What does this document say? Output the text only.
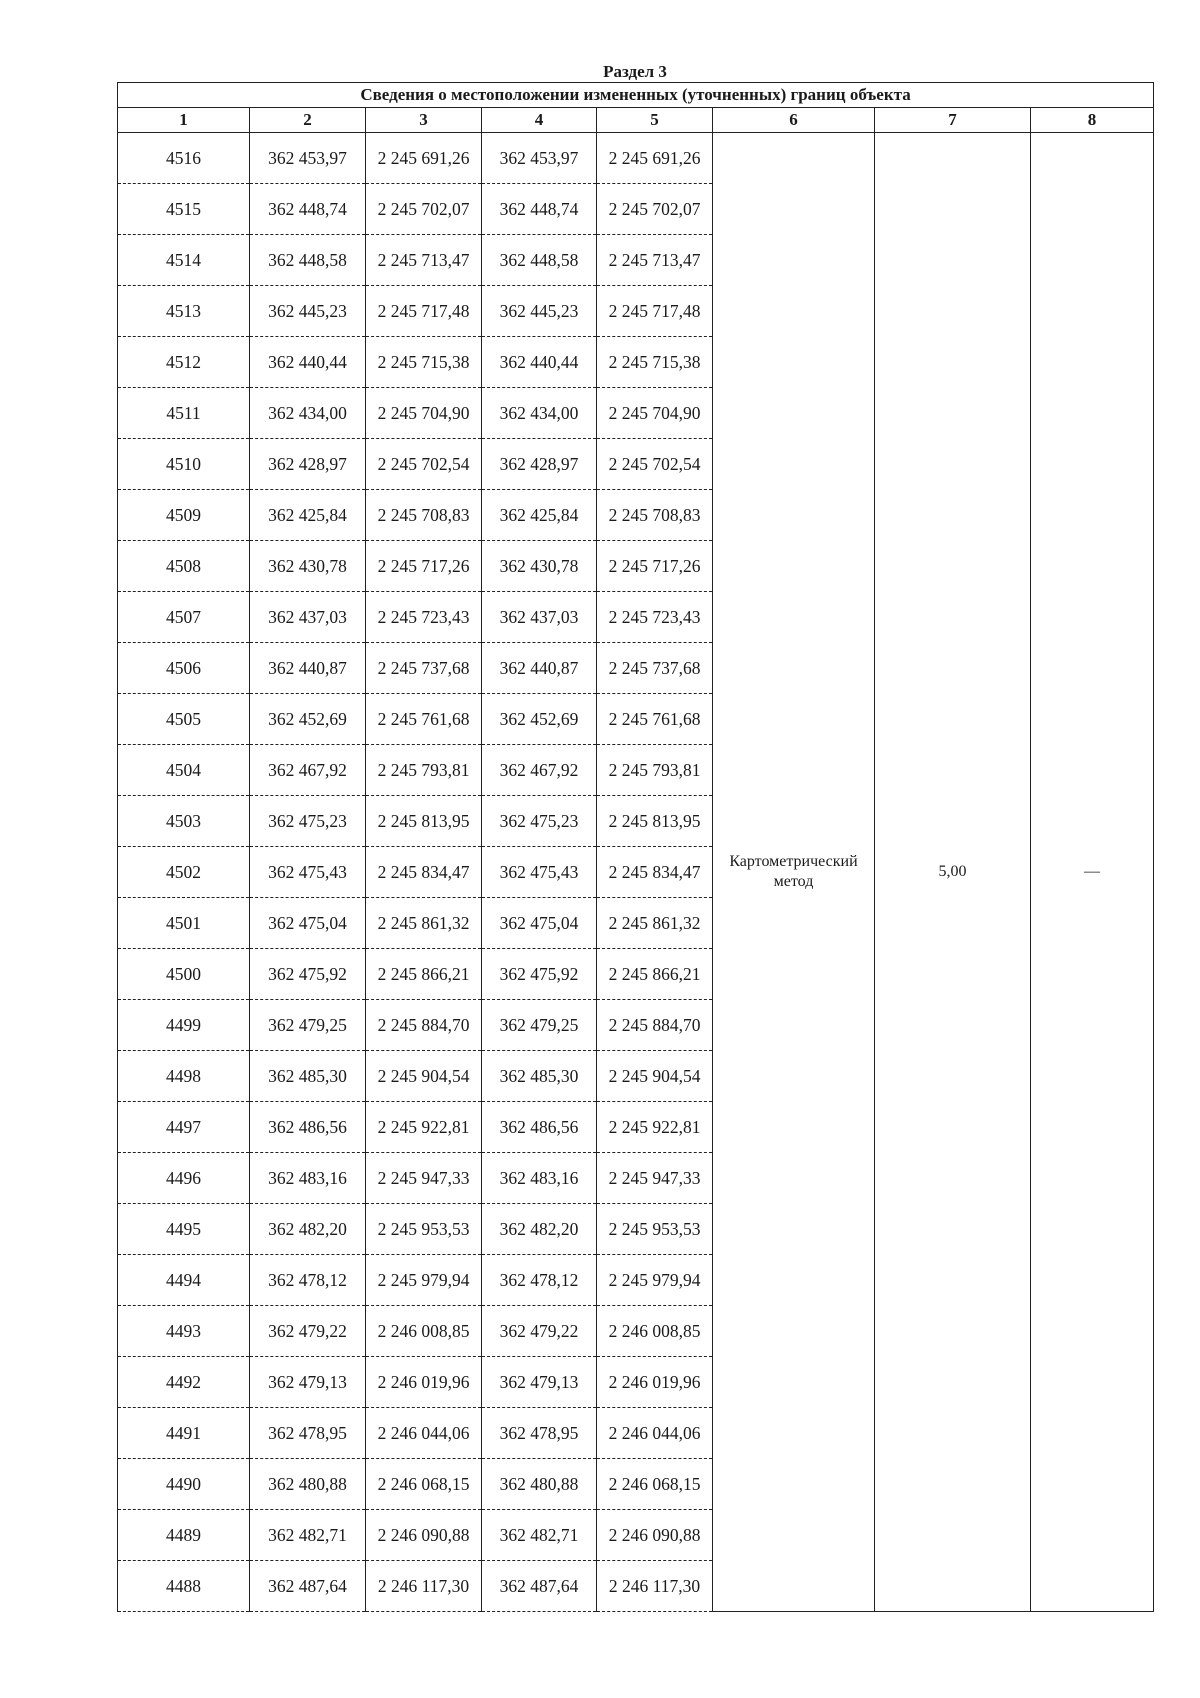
Раздел 3
Сведения о местоположении измененных (уточненных) границ объекта							
1	2	3	4	5	6	7	8
4516	362 453,97	2 245 691,26	362 453,97	2 245 691,26	Картометрический метод	5,00	—
4515	362 448,74	2 245 702,07	362 448,74	2 245 702,07			
4514	362 448,58	2 245 713,47	362 448,58	2 245 713,47			
4513	362 445,23	2 245 717,48	362 445,23	2 245 717,48			
4512	362 440,44	2 245 715,38	362 440,44	2 245 715,38			
4511	362 434,00	2 245 704,90	362 434,00	2 245 704,90			
4510	362 428,97	2 245 702,54	362 428,97	2 245 702,54			
4509	362 425,84	2 245 708,83	362 425,84	2 245 708,83			
4508	362 430,78	2 245 717,26	362 430,78	2 245 717,26			
4507	362 437,03	2 245 723,43	362 437,03	2 245 723,43			
4506	362 440,87	2 245 737,68	362 440,87	2 245 737,68			
4505	362 452,69	2 245 761,68	362 452,69	2 245 761,68			
4504	362 467,92	2 245 793,81	362 467,92	2 245 793,81			
4503	362 475,23	2 245 813,95	362 475,23	2 245 813,95			
4502	362 475,43	2 245 834,47	362 475,43	2 245 834,47			
4501	362 475,04	2 245 861,32	362 475,04	2 245 861,32			
4500	362 475,92	2 245 866,21	362 475,92	2 245 866,21			
4499	362 479,25	2 245 884,70	362 479,25	2 245 884,70			
4498	362 485,30	2 245 904,54	362 485,30	2 245 904,54			
4497	362 486,56	2 245 922,81	362 486,56	2 245 922,81			
4496	362 483,16	2 245 947,33	362 483,16	2 245 947,33			
4495	362 482,20	2 245 953,53	362 482,20	2 245 953,53			
4494	362 478,12	2 245 979,94	362 478,12	2 245 979,94			
4493	362 479,22	2 246 008,85	362 479,22	2 246 008,85			
4492	362 479,13	2 246 019,96	362 479,13	2 246 019,96			
4491	362 478,95	2 246 044,06	362 478,95	2 246 044,06			
4490	362 480,88	2 246 068,15	362 480,88	2 246 068,15			
4489	362 482,71	2 246 090,88	362 482,71	2 246 090,88			
4488	362 487,64	2 246 117,30	362 487,64	2 246 117,30			
